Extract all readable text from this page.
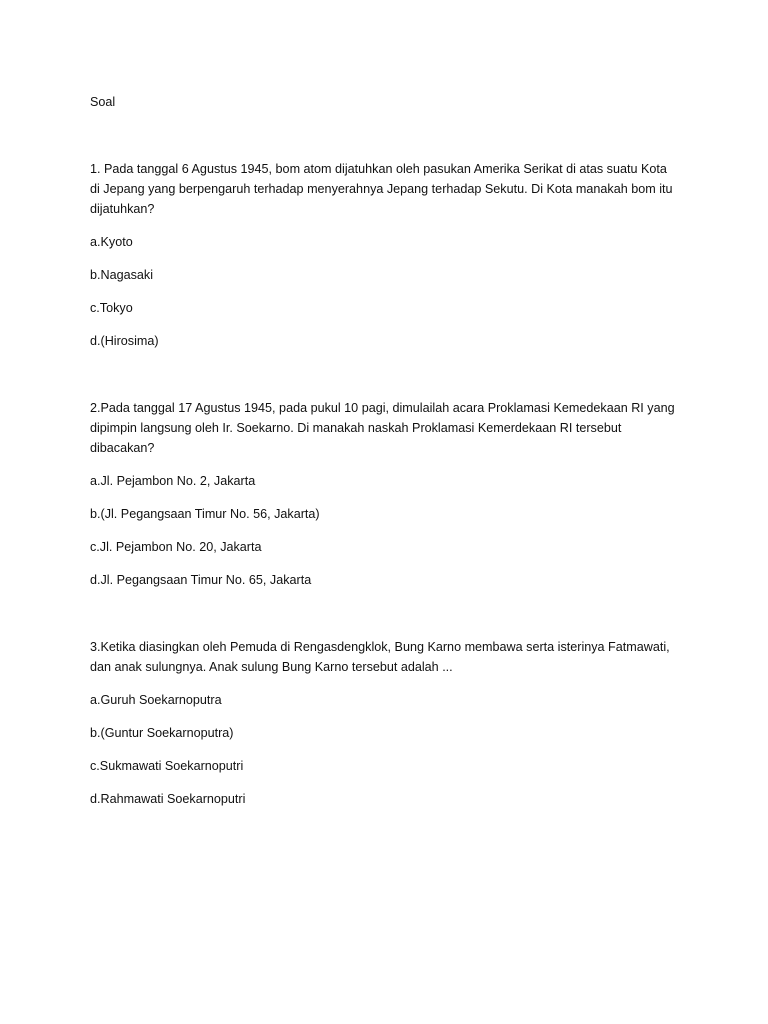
Soal
1. Pada tanggal 6 Agustus 1945, bom atom dijatuhkan oleh pasukan Amerika Serikat di atas suatu Kota di Jepang yang berpengaruh terhadap menyerahnya Jepang terhadap Sekutu. Di Kota manakah bom itu dijatuhkan?
a.Kyoto
b.Nagasaki
c.Tokyo
d.(Hirosima)
2.Pada tanggal 17 Agustus 1945, pada pukul 10 pagi, dimulailah acara Proklamasi Kemedekaan RI yang dipimpin langsung oleh Ir. Soekarno. Di manakah naskah Proklamasi Kemerdekaan RI tersebut dibacakan?
a.Jl. Pejambon No. 2, Jakarta
b.(Jl. Pegangsaan Timur No. 56, Jakarta)
c.Jl. Pejambon No. 20, Jakarta
d.Jl. Pegangsaan Timur No. 65, Jakarta
3.Ketika diasingkan oleh Pemuda di Rengasdengklok, Bung Karno membawa serta isterinya Fatmawati, dan anak sulungnya. Anak sulung Bung Karno tersebut adalah ...
a.Guruh Soekarnoputra
b.(Guntur Soekarnoputra)
c.Sukmawati Soekarnoputri
d.Rahmawati Soekarnoputri
